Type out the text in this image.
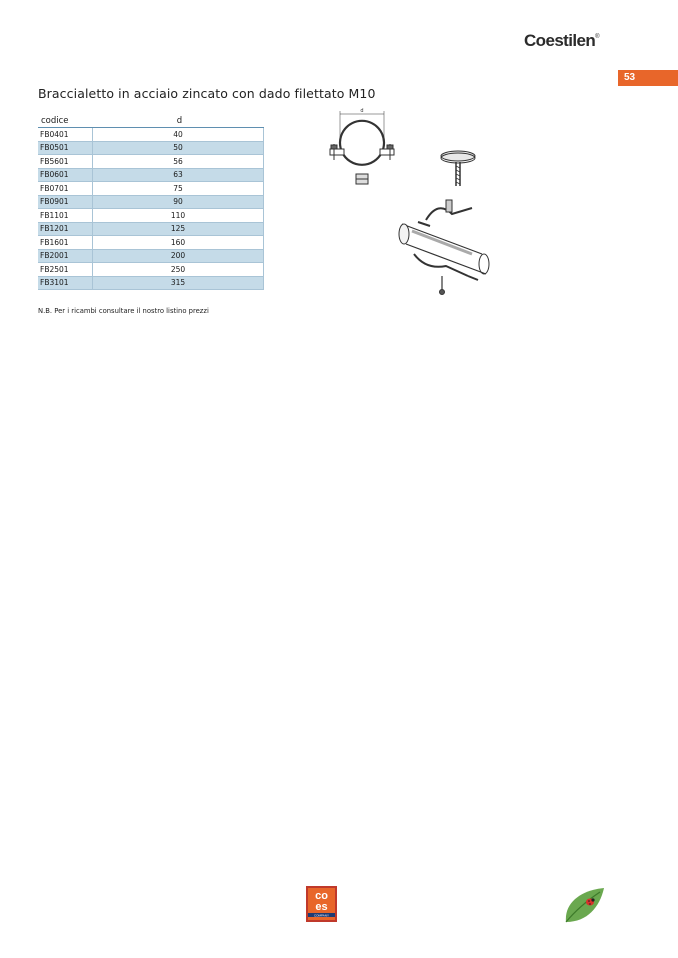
Coestilen®
53
Braccialetto in acciaio zincato con dado filettato M10
codice	d
FB0401	40
FB0501	50
FB5601	56
FB0601	63
FB0701	75
FB0901	90
FB1101	110
FB1201	125
FB1601	160
FB2001	200
FB2501	250
FB3101	315
d
N.B. Per i ricambi consultare il nostro listino prezzi
co
es
COMPANY
